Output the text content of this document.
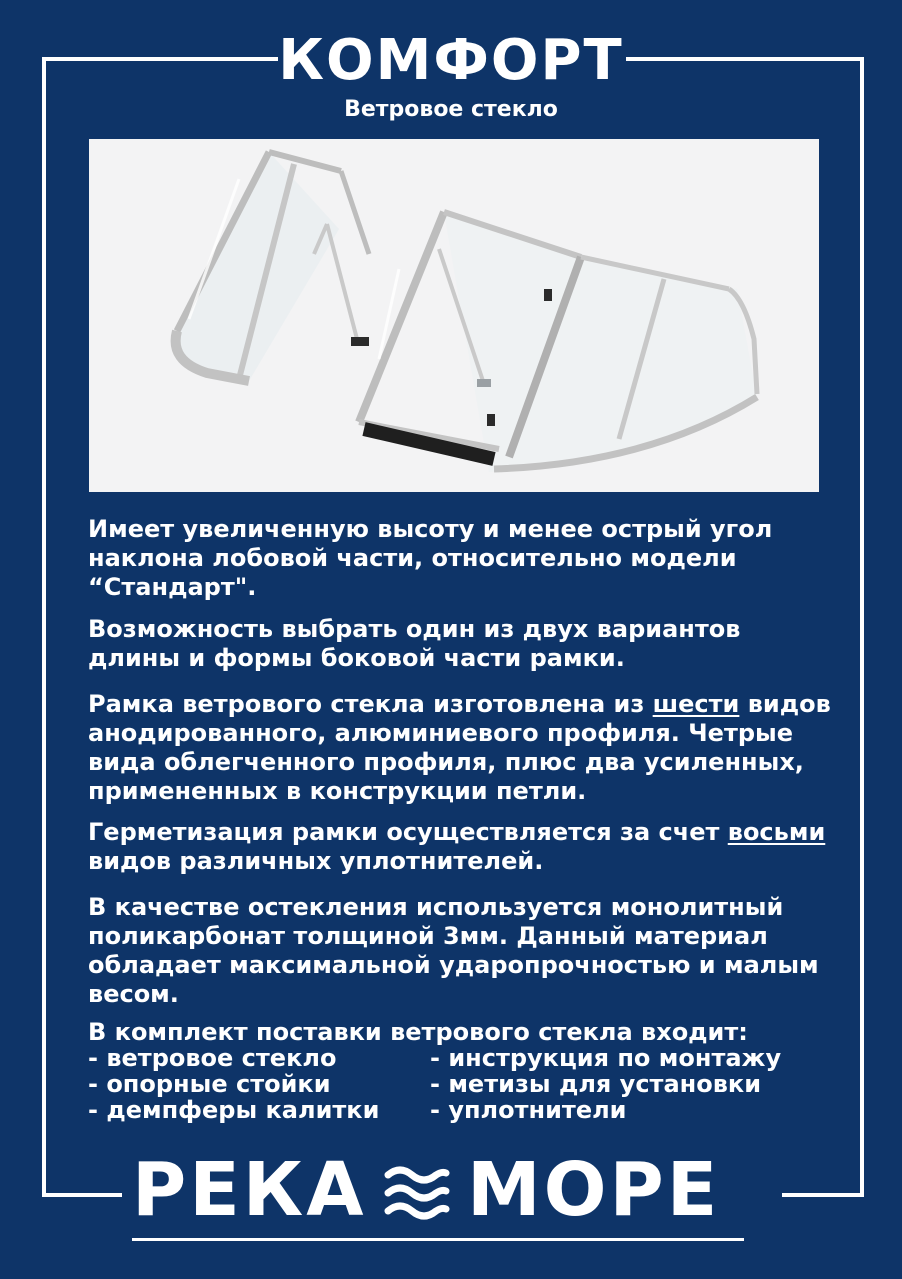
КОМФОРТ
Ветровое стекло

Имеет увеличенную высоту и менее острый угол наклона лобовой части, относительно модели “Стандарт".

Возможность выбрать один из двух вариантов длины и формы боковой части рамки.

Рамка ветрового стекла изготовлена из шести видов анодированного, алюминиевого профиля. Четрые вида облегченного профиля, плюс два усиленных, примененных в конструкции петли.

Герметизация рамки осуществляется за счет восьми видов различных уплотнителей.

В качестве остекления используется монолитный поликарбонат толщиной 3мм. Данный материал обладает максимальной ударопрочностью и малым весом.

В комплект поставки ветрового стекла входит:
- ветровое стекло
- опорные стойки
- демпферы калитки
- инструкция по монтажу
- метизы для установки
- уплотнители
РЕКА МОРЕ
